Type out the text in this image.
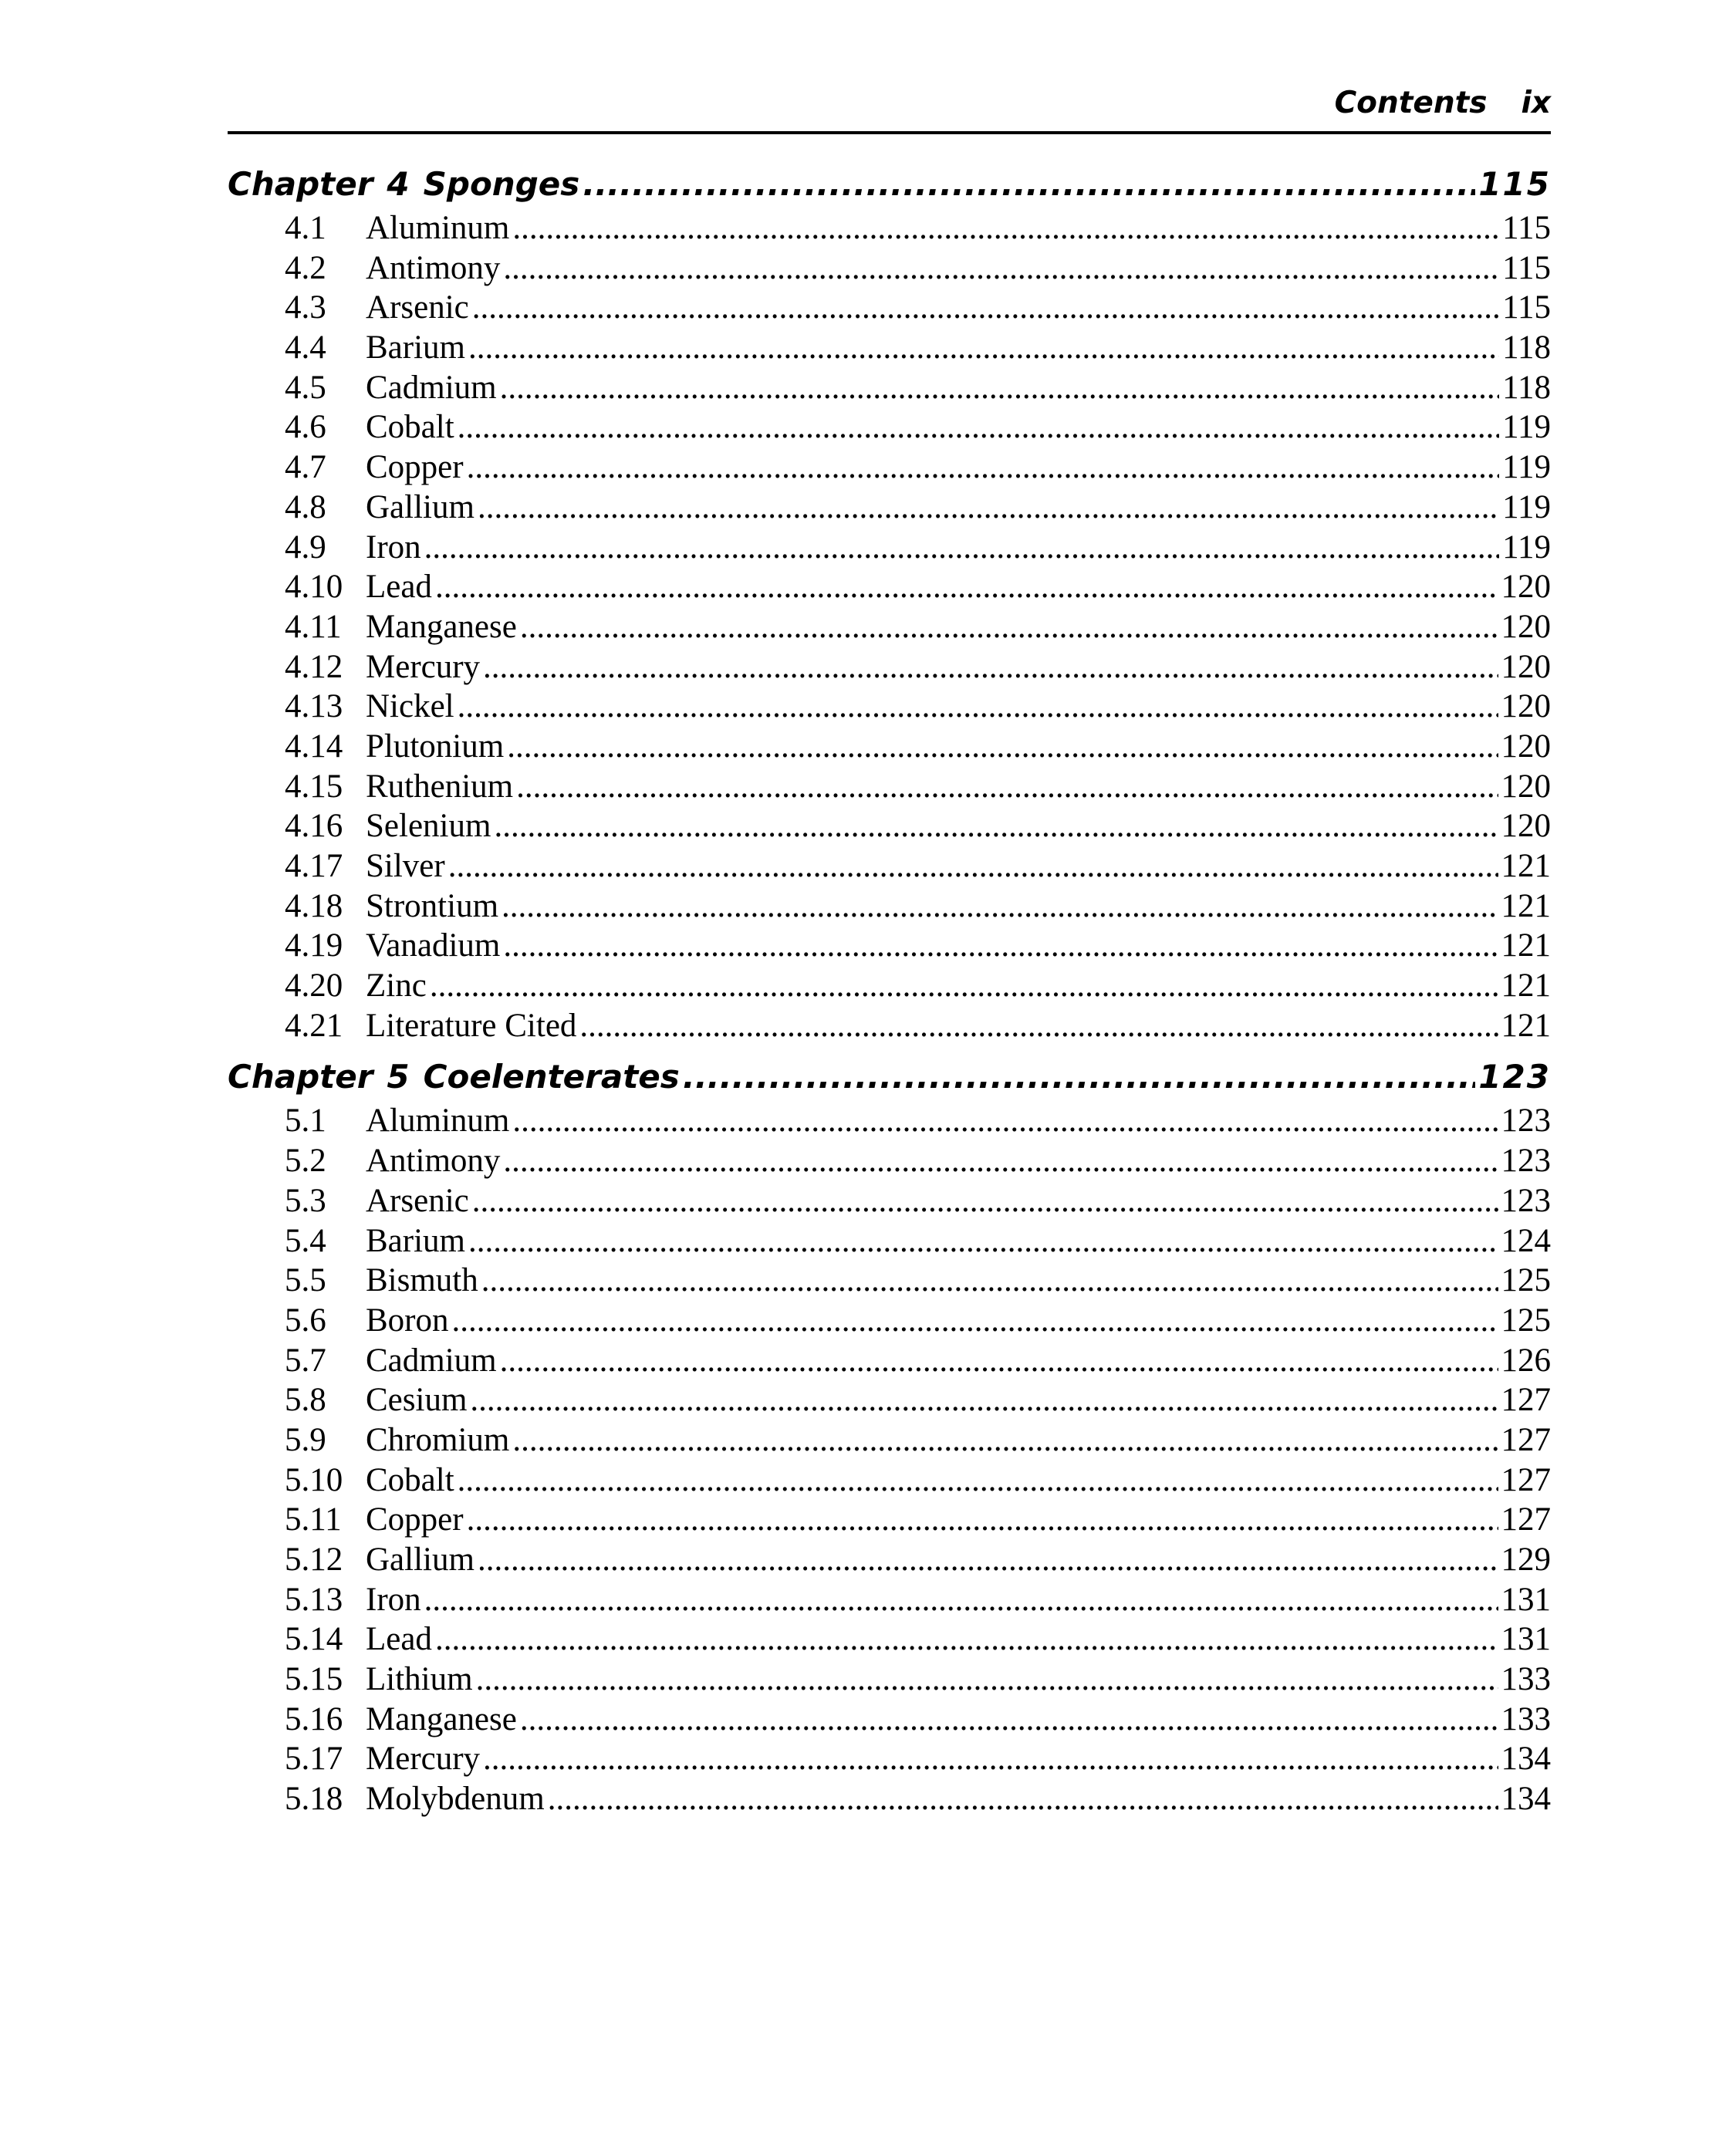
Contents ix
Chapter 4 Sponges .....	115
4.1	Aluminum .....	115
4.2	Antimony .....	115
4.3	Arsenic .....	115
4.4	Barium .....	118
4.5	Cadmium .....	118
4.6	Cobalt .....	119
4.7	Copper .....	119
4.8	Gallium .....	119
4.9	Iron .....	119
4.10 Lead .....	120
4.11 Manganese .....	120
4.12 Mercury .....	120
4.13 Nickel .....	120
4.14 Plutonium .....	120
4.15 Ruthenium .....	120
4.16 Selenium .....	120
4.17 Silver .....	121
4.18 Strontium .....	121
4.19 Vanadium .....	121
4.20 Zinc .....	121
4.21 Literature Cited .....	121
Chapter 5 Coelenterates .....	123
5.1	Aluminum .....	123
5.2	Antimony .....	123
5.3	Arsenic .....	123
5.4	Barium .....	124
5.5	Bismuth .....	125
5.6	Boron .....	125
5.7	Cadmium .....	126
5.8	Cesium .....	127
5.9	Chromium .....	127
5.10 Cobalt .....	127
5.11 Copper .....	127
5.12 Gallium .....	129
5.13 Iron .....	131
5.14 Lead .....	131
5.15 Lithium .....	133
5.16 Manganese .....	133
5.17 Mercury .....	134
5.18 Molybdenum .....	134
